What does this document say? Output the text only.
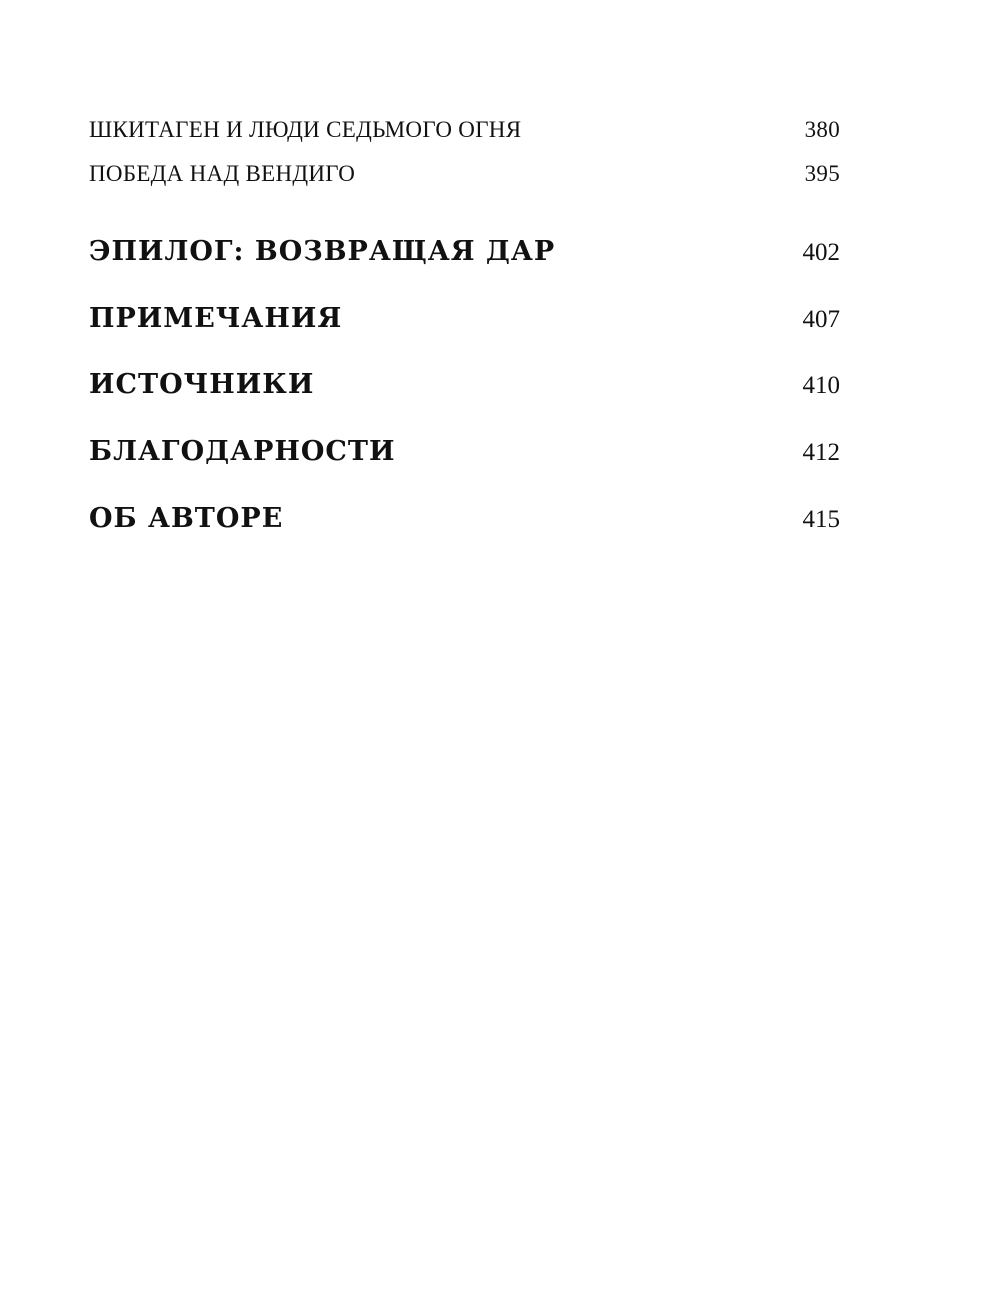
ШКИТАГЕН И ЛЮДИ СЕДЬМОГО ОГНЯ	380
ПОБЕДА НАД ВЕНДИГО	395
ЭПИЛОГ: ВОЗВРАЩАЯ ДАР	402
ПРИМЕЧАНИЯ	407
ИСТОЧНИКИ	410
БЛАГОДАРНОСТИ	412
ОБ АВТОРЕ	415
